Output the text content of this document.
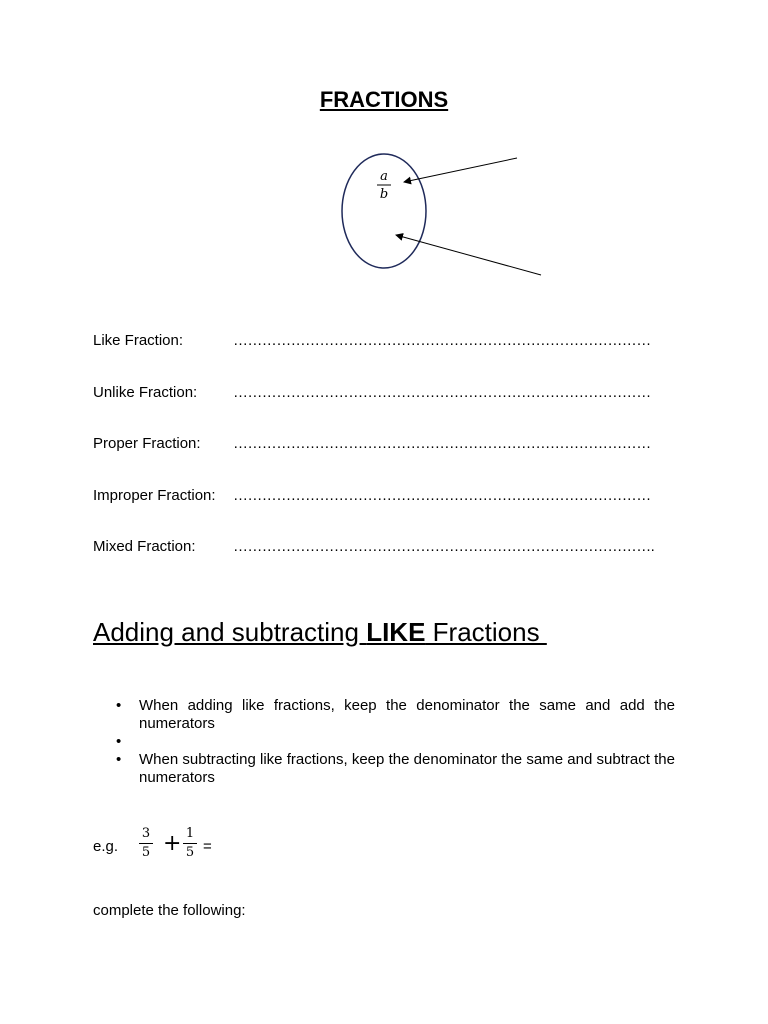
FRACTIONS
a
b
Like Fraction:	……………………………………………………………………………
Unlike Fraction: ……………………………………………………………………………
Proper Fraction: ……………………………………………………………………………
Improper Fraction: ……………………………………………………………………………
Mixed Fraction: …………………………………………………………………………….
Adding and subtracting LIKE Fractions
• When adding like fractions, keep the denominator the same and add the numerators
•
• When subtracting like fractions, keep the denominator the same and subtract the numerators
e.g. $\frac{3}{5} + \frac{1}{5}$ =
complete the following:
